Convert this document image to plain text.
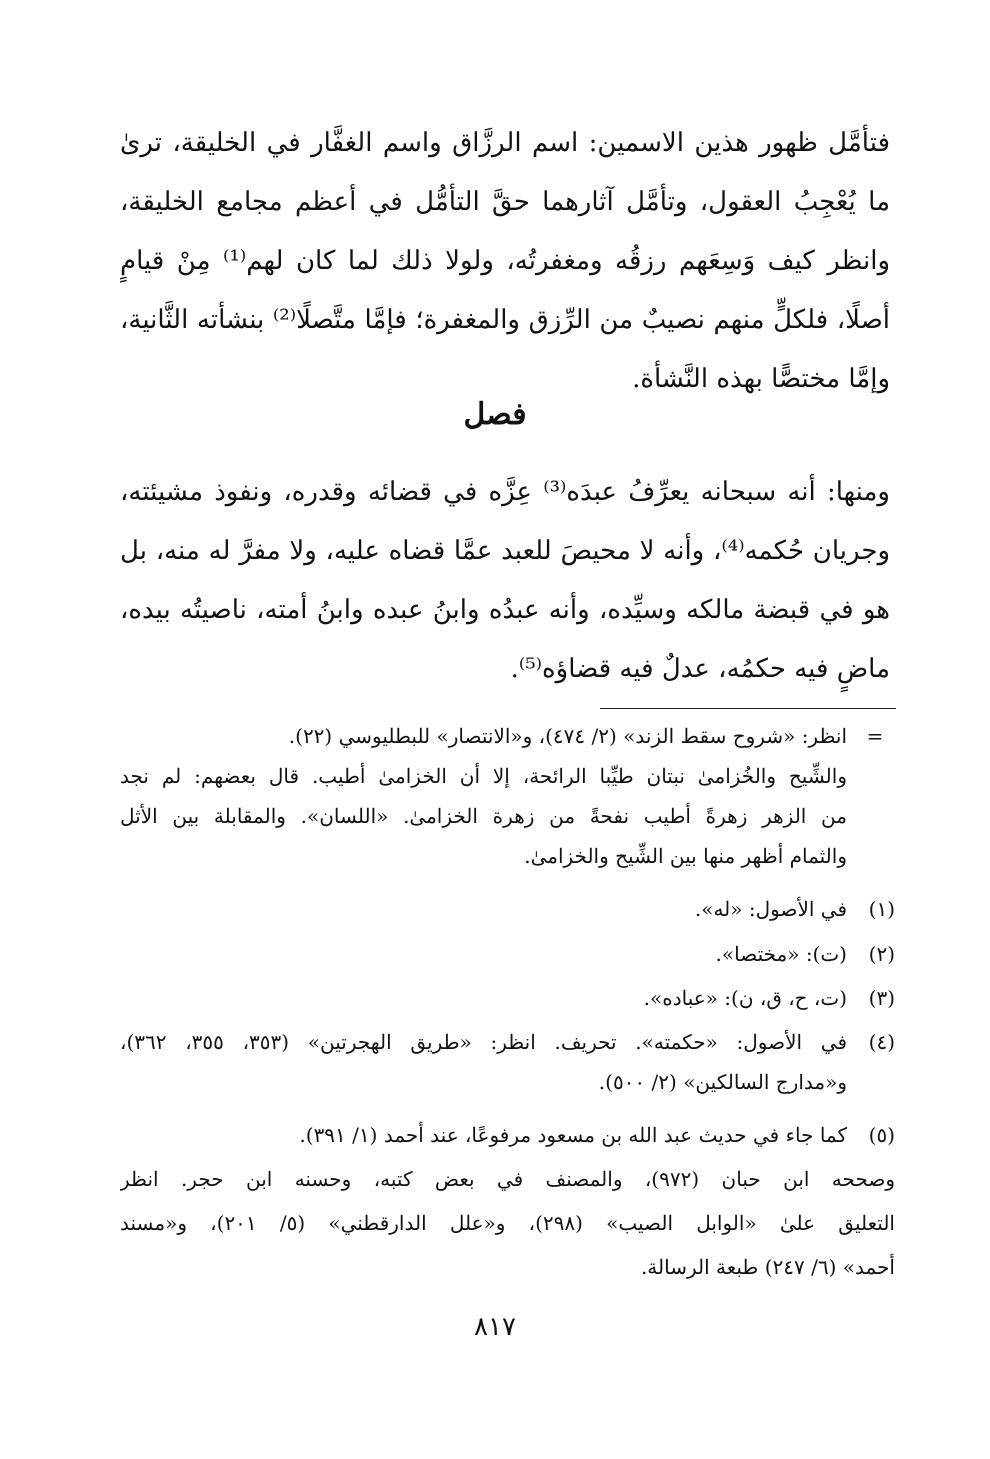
فتأمَّل ظهور هذين الاسمين: اسم الرزَّاق واسم الغفَّار في الخليقة، ترىٰ
ما يُعْجِبُ العقول، وتأمَّل آثارهما حقَّ التأمُّل في أعظم مجامع الخليقة،
وانظر كيف وَسِعَهم رزقُه ومغفرتُه، ولولا ذلك لما كان لهم⁽¹⁾ مِنْ قيامٍ
أصلًا، فلكلٍّ منهم نصيبٌ من الرِّزق والمغفرة؛ فإمَّا متَّصلًا⁽²⁾ بنشأته الثَّانية،
وإمَّا مختصًّا بهذه النَّشأة.
فصل
ومنها: أنه سبحانه يعرِّفُ عبدَه⁽³⁾ عِزَّه في قضائه وقدره، ونفوذ مشيئته،
وجريان حُكمه⁽⁴⁾، وأنه لا محيصَ للعبد عمَّا قضاه عليه، ولا مفرَّ له منه، بل
هو في قبضة مالكه وسيِّده، وأنه عبدُه وابنُ عبده وابنُ أمته، ناصيتُه بيده،
ماضٍ فيه حكمُه، عدلٌ فيه قضاؤه⁽⁵⁾.
=
انظر: «شروح سقط الزند» (٢/ ٤٧٤)، و«الانتصار» للبطليوسي (٢٢).
والشِّيح والخُزامىٰ نبتان طيِّبا الرائحة، إلا أن الخزامىٰ أطيب. قال بعضهم: لم نجد
من الزهر زهرةً أطيب نفحةً من زهرة الخزامىٰ. «اللسان». والمقابلة بين الأثل
والثمام أظهر منها بين الشِّيح والخزامىٰ.
(١)
في الأصول: «له».
(٢)
(ت): «مختصا».
(٣)
(ت، ح، ق، ن): «عباده».
(٤)
في الأصول: «حكمته». تحريف. انظر: «طريق الهجرتين» (٣٥٣، ٣٥٥، ٣٦٢)،
و«مدارج السالكين» (٢/ ٥٠٠).
(٥)
كما جاء في حديث عبد الله بن مسعود مرفوعًا، عند أحمد (١/ ٣٩١).
وصححه ابن حبان (٩٧٢)، والمصنف في بعض كتبه، وحسنه ابن حجر. انظر
التعليق علىٰ «الوابل الصيب» (٢٩٨)، و«علل الدارقطني» (٥/ ٢٠١)، و«مسند
أحمد» (٦/ ٢٤٧) طبعة الرسالة.
٨١٧
